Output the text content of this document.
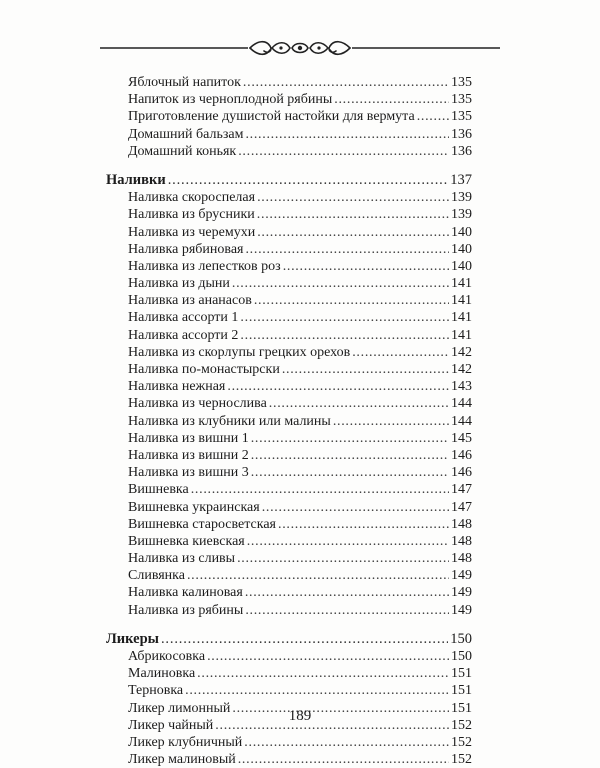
Яблочный напиток . . .	135
Напиток из черноплодной рябины . . .	135
Приготовление душистой настойки для вермута . . .	135
Домашний бальзам . . .	136
Домашний коньяк . . .	136
Наливки . . .	137
Наливка скороспелая . . .	139
Наливка из брусники . . .	139
Наливка из черемухи . . .	140
Наливка рябиновая . . .	140
Наливка из лепестков роз . . .	140
Наливка из дыни . . .	141
Наливка из ананасов . . .	141
Наливка ассорти 1 . . .	141
Наливка ассорти 2 . . .	141
Наливка из скорлупы грецких орехов . . .	142
Наливка по-монастырски . . .	142
Наливка нежная . . .	143
Наливка из чернослива . . .	144
Наливка из клубники или малины . . .	144
Наливка из вишни 1 . . .	145
Наливка из вишни 2 . . .	146
Наливка из вишни 3 . . .	146
Вишневка . . .	147
Вишневка украинская . . .	147
Вишневка старосветская . . .	148
Вишневка киевская . . .	148
Наливка из сливы . . .	148
Сливянка . . .	149
Наливка калиновая . . .	149
Наливка из рябины . . .	149
Ликеры . . .	150
Абрикосовка . . .	150
Малиновка . . .	151
Терновка . . .	151
Ликер лимонный . . .	151
Ликер чайный . . .	152
Ликер клубничный . . .	152
Ликер малиновый . . .	152
189
